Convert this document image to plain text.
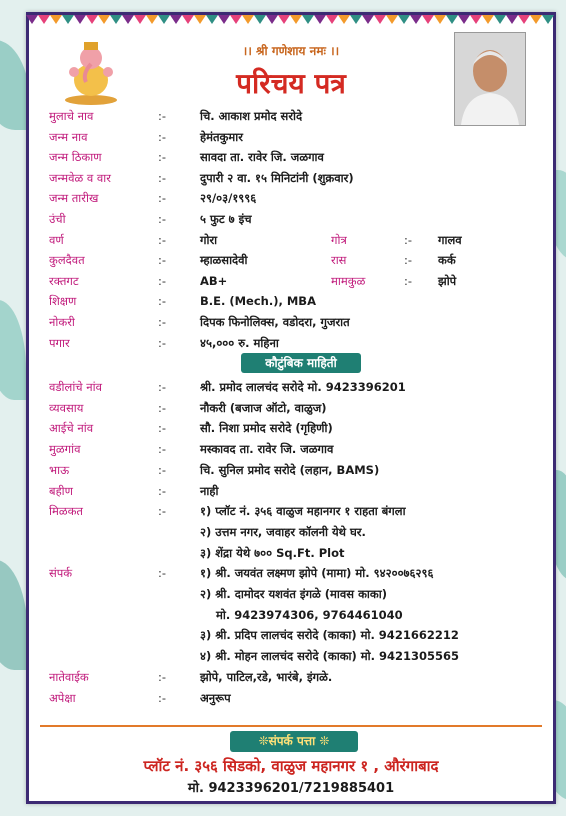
।। श्री गणेशाय नमः ।।
परिचय पत्र
मुलाचे नाव	:-	चि. आकाश प्रमोद सरोदे
जन्म नाव	:-	हेमंतकुमार
जन्म ठिकाण	:-	सावदा ता. रावेर जि. जळगाव
जन्मवेळ व वार	:-	दुपारी २ वा. १५ मिनिटांनी (शुक्रवार)
जन्म तारीख	:-	२९/०३/१९९६
उंची	:-	५ फुट ७ इंच
वर्ण	:-	गोरा	गोत्र	:- गालव
कुलदैवत	:-	म्हाळसादेवी	रास	:- कर्क
रक्तगट	:-	AB+	मामकुळ	:- झोपे
शिक्षण	:-	B.E. (Mech.), MBA
नोकरी	:-	दिपक फिनोलिक्स, वडोदरा, गुजरात
पगार	:-	४५,००० रु. महिना
कौटुंबिक माहिती
वडीलांचे नांव	:-	श्री. प्रमोद लालचंद सरोदे मो. 9423396201
व्यवसाय	:-	नौकरी (बजाज ऑटो, वाळुज)
आईचे नांव	:-	सौ. निशा प्रमोद सरोदे (गृहिणी)
मुळगांव	:-	मस्कावद ता. रावेर जि. जळगाव
भाऊ	:-	चि. सुनिल प्रमोद सरोदे (लहान, BAMS)
बहीण	:-	नाही
मिळकत	:-	१) प्लॉट नं. ३५६ वाळुज महानगर १ राहता बंगला
२) उत्तम नगर, जवाहर कॉलनी येथे घर.
३) शेंद्रा येथे ७०० Sq.Ft. Plot
संपर्क	:-	१) श्री. जयवंत लक्ष्मण झोपे (मामा) मो. ९४२००७६२९६
२) श्री. दामोदर यशवंत इंगळे (मावस काका)
मो. 9423974306, 9764461040
३) श्री. प्रदिप लालचंद सरोदे (काका) मो. 9421662212
४) श्री. मोहन लालचंद सरोदे (काका) मो. 9421305565
नातेवाईक	:-	झोपे, पाटिल,रडे, भारंबे, इंगळे.
अपेक्षा	:-	अनुरूप
❊संपर्क पत्ता ❊
प्लॉट नं. ३५६ सिडको, वाळुज महानगर १ , औरंगाबाद
मो. 9423396201/7219885401
